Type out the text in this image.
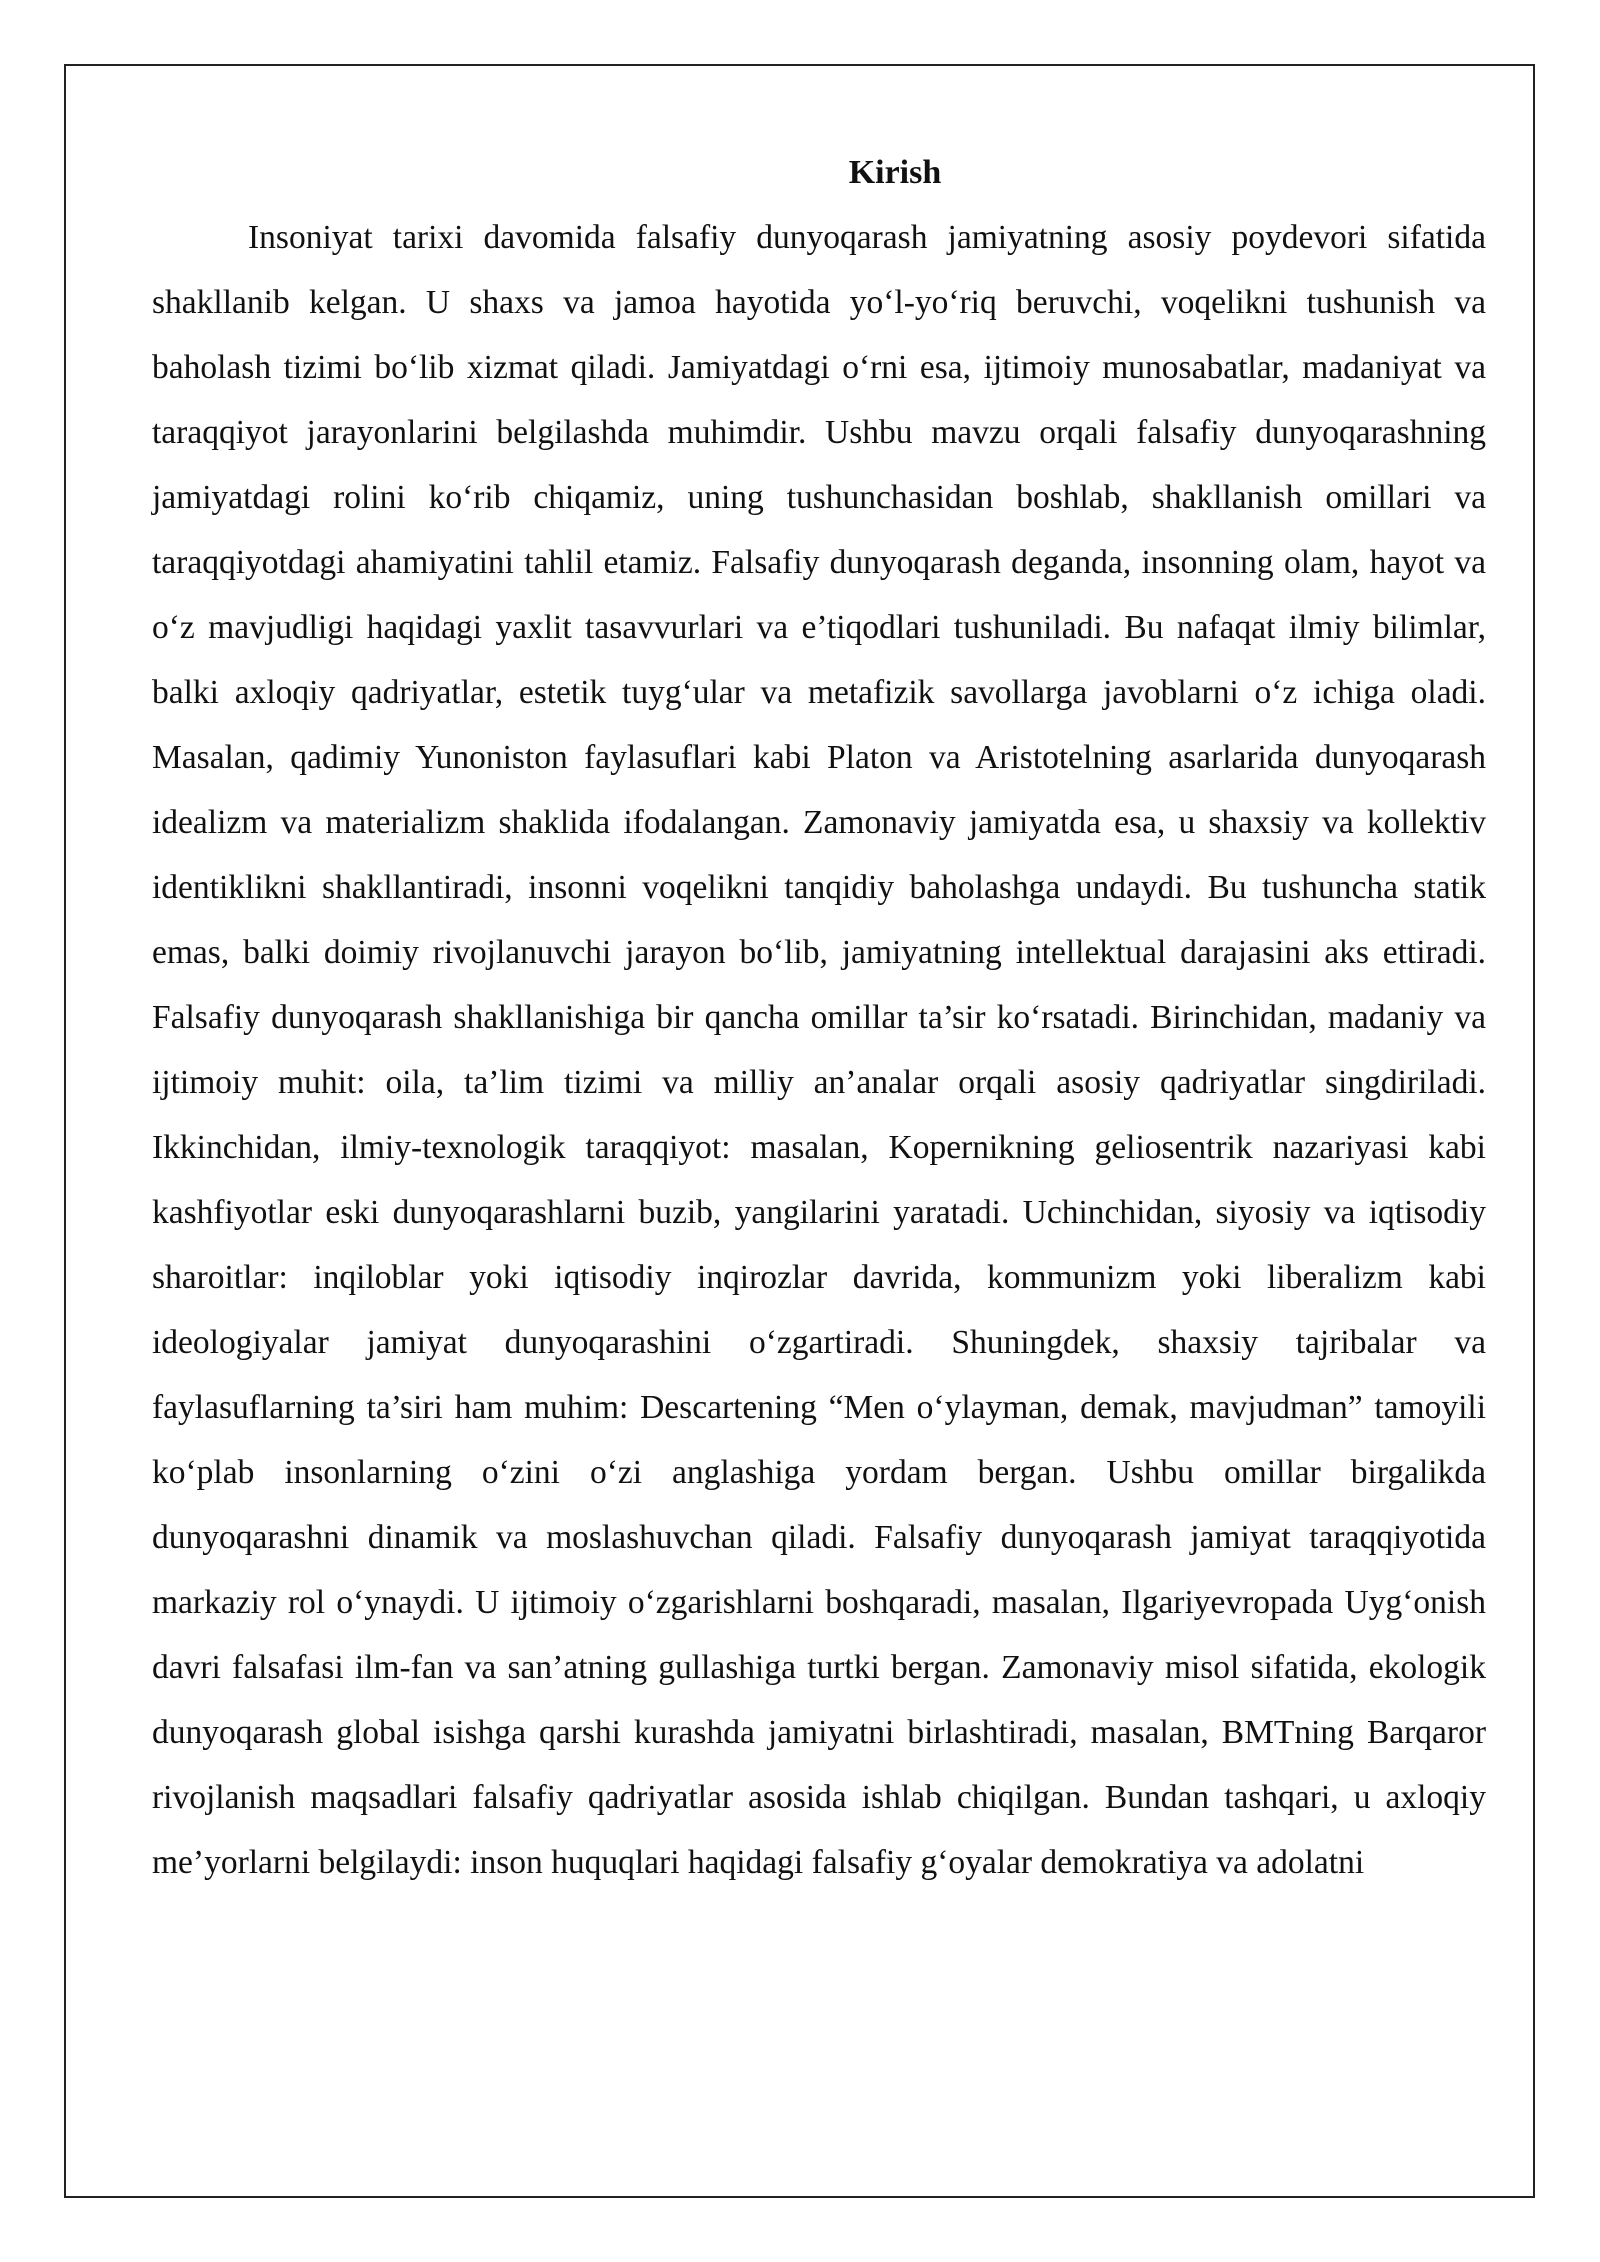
Kirish

Insoniyat tarixi davomida falsafiy dunyoqarash jamiyatning asosiy poydevori sifatida shakllanib kelgan. U shaxs va jamoa hayotida yo‘l-yo‘riq beruvchi, voqelikni tushunish va baholash tizimi bo‘lib xizmat qiladi. Jamiyatdagi o‘rni esa, ijtimoiy munosabatlar, madaniyat va taraqqiyot jarayonlarini belgilashda muhimdir. Ushbu mavzu orqali falsafiy dunyoqarashning jamiyatdagi rolini ko‘rib chiqamiz, uning tushunchasidan boshlab, shakllanish omillari va taraqqiyotdagi ahamiyatini tahlil etamiz. Falsafiy dunyoqarash deganda, insonning olam, hayot va o‘z mavjudligi haqidagi yaxlit tasavvurlari va e’tiqodlari tushuniladi. Bu nafaqat ilmiy bilimlar, balki axloqiy qadriyatlar, estetik tuyg‘ular va metafizik savollarga javoblarni o‘z ichiga oladi. Masalan, qadimiy Yunoniston faylasuflari kabi Platon va Aristotelning asarlarida dunyoqarash idealizm va materializm shaklida ifodalangan. Zamonaviy jamiyatda esa, u shaxsiy va kollektiv identiklikni shakllantiradi, insonni voqelikni tanqidiy baholashga undaydi. Bu tushuncha statik emas, balki doimiy rivojlanuvchi jarayon bo‘lib, jamiyatning intellektual darajasini aks ettiradi. Falsafiy dunyoqarash shakllanishiga bir qancha omillar ta’sir ko‘rsatadi. Birinchidan, madaniy va ijtimoiy muhit: oila, ta’lim tizimi va milliy an’analar orqali asosiy qadriyatlar singdiriladi. Ikkinchidan, ilmiy-texnologik taraqqiyot: masalan, Kopernikning geliosentrik nazariyasi kabi kashfiyotlar eski dunyoqarashlarni buzib, yangilarini yaratadi. Uchinchidan, siyosiy va iqtisodiy sharoitlar: inqiloblar yoki iqtisodiy inqirozlar davrida, kommunizm yoki liberalizm kabi ideologiyalar jamiyat dunyoqarashini o‘zgartiradi. Shuningdek, shaxsiy tajribalar va faylasuflarning ta’siri ham muhim: Descartening “Men o‘ylayman, demak, mavjudman” tamoyili ko‘plab insonlarning o‘zini o‘zi anglashiga yordam bergan. Ushbu omillar birgalikda dunyoqarashni dinamik va moslashuvchan qiladi. Falsafiy dunyoqarash jamiyat taraqqiyotida markaziy rol o‘ynaydi. U ijtimoiy o‘zgarishlarni boshqaradi, masalan, Ilgariyevropada Uyg‘onish davri falsafasi ilm-fan va san’atning gullashiga turtki bergan. Zamonaviy misol sifatida, ekologik dunyoqarash global isishga qarshi kurashda jamiyatni birlashtiradi, masalan, BMTning Barqaror rivojlanish maqsadlari falsafiy qadriyatlar asosida ishlab chiqilgan. Bundan tashqari, u axloqiy me’yorlarni belgilaydi: inson huquqlari haqidagi falsafiy g‘oyalar demokratiya va adolatni
